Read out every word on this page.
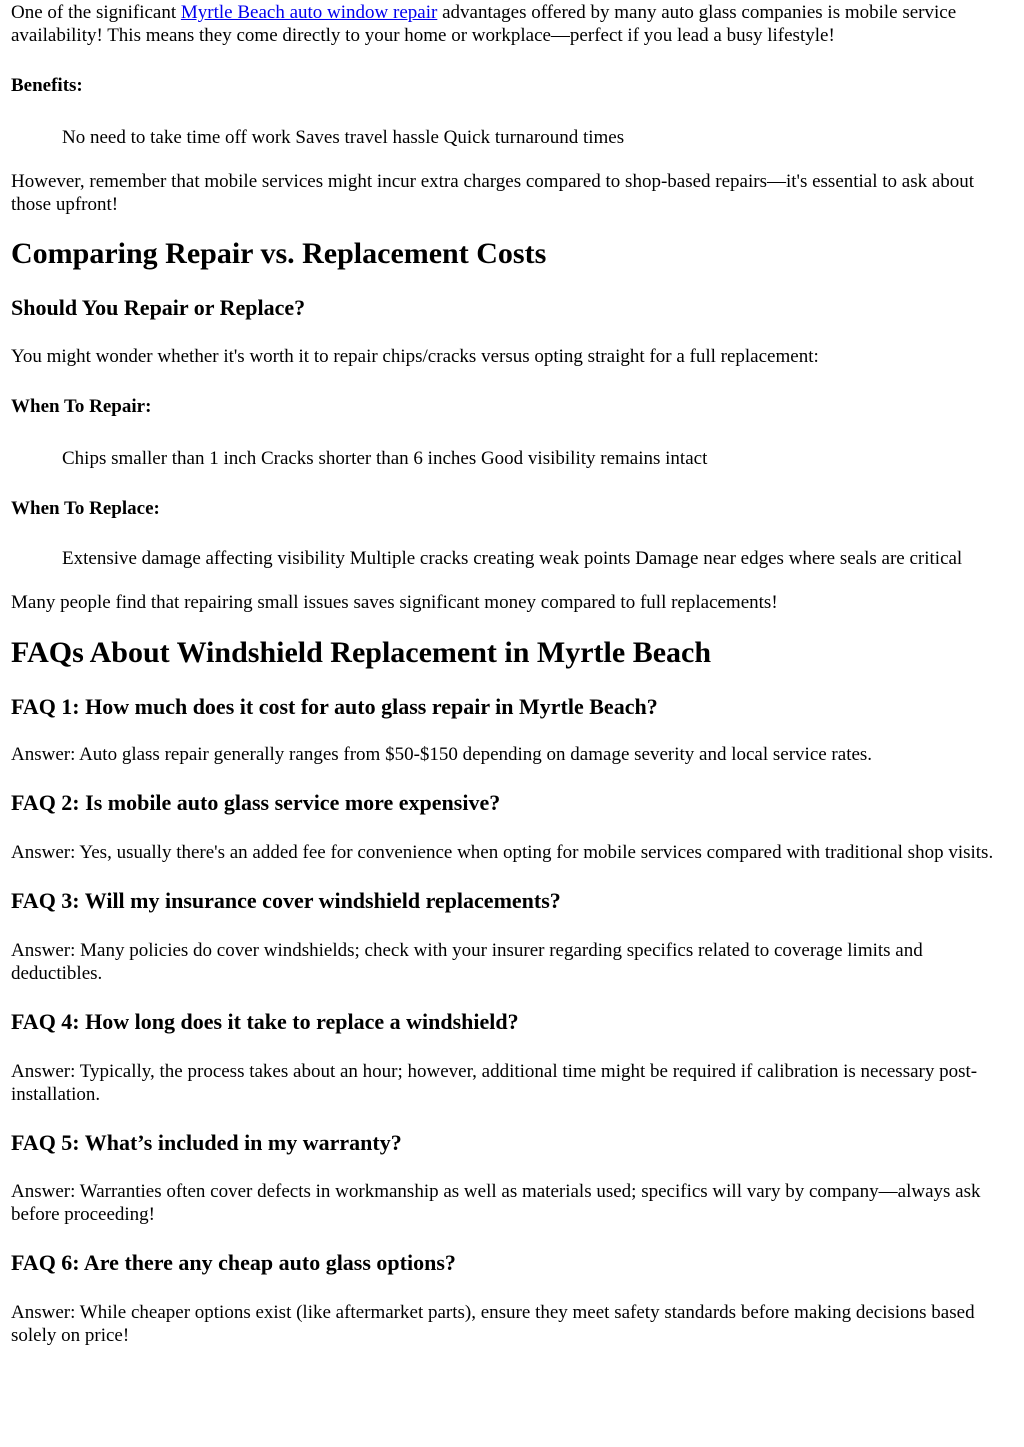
One of the significant Myrtle Beach auto window repair advantages offered by many auto glass companies is mobile service availability! This means they come directly to your home or workplace—perfect if you lead a busy lifestyle!

Benefits:

No need to take time off work Saves travel hassle Quick turnaround times

However, remember that mobile services might incur extra charges compared to shop-based repairs—it's essential to ask about those upfront!

Comparing Repair vs. Replacement Costs
Should You Repair or Replace?

You might wonder whether it's worth it to repair chips/cracks versus opting straight for a full replacement:

When To Repair:

Chips smaller than 1 inch Cracks shorter than 6 inches Good visibility remains intact

When To Replace:

Extensive damage affecting visibility Multiple cracks creating weak points Damage near edges where seals are critical

Many people find that repairing small issues saves significant money compared to full replacements!

FAQs About Windshield Replacement in Myrtle Beach
FAQ 1: How much does it cost for auto glass repair in Myrtle Beach?

Answer: Auto glass repair generally ranges from $50-$150 depending on damage severity and local service rates.

FAQ 2: Is mobile auto glass service more expensive?

Answer: Yes, usually there's an added fee for convenience when opting for mobile services compared with traditional shop visits.

FAQ 3: Will my insurance cover windshield replacements?

Answer: Many policies do cover windshields; check with your insurer regarding specifics related to coverage limits and deductibles.

FAQ 4: How long does it take to replace a windshield?

Answer: Typically, the process takes about an hour; however, additional time might be required if calibration is necessary post-installation.

FAQ 5: What’s included in my warranty?

Answer: Warranties often cover defects in workmanship as well as materials used; specifics will vary by company—always ask before proceeding!

FAQ 6: Are there any cheap auto glass options?

Answer: While cheaper options exist (like aftermarket parts), ensure they meet safety standards before making decisions based solely on price!
